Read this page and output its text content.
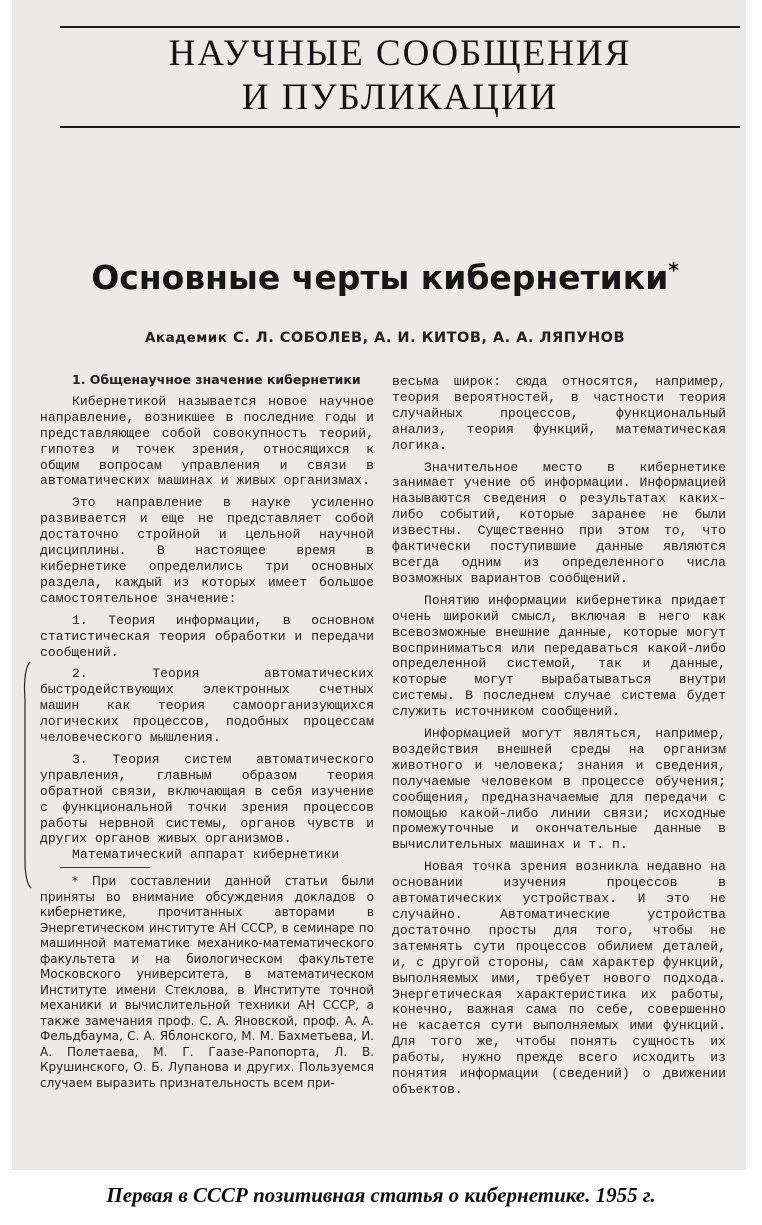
НАУЧНЫЕ СООБЩЕНИЯ
И ПУБЛИКАЦИИ
Основные черты кибернетики*
Академик С. Л. СОБОЛЕВ, А. И. КИТОВ, А. А. ЛЯПУНОВ

1. Общенаучное значение кибернетики

Кибернетикой называется новое научное направление, возникшее в последние годы и представляющее собой совокупность теорий, гипотез и точек зрения, относящихся к общим вопросам управления и связи в автоматических машинах и живых организмах.

Это направление в науке усиленно развивается и еще не представляет собой достаточно стройной и цельной научной дисциплины. В настоящее время в кибернетике определились три основных раздела, каждый из которых имеет большое самостоятельное значение:

1. Теория информации, в основном статистическая теория обработки и передачи сообщений.

2. Теория автоматических быстродействующих электронных счетных машин как теория самоорганизующихся логических процессов, подобных процессам человеческого мышления.

3. Теория систем автоматического управления, главным образом теория обратной связи, включающая в себя изучение с функциональной точки зрения процессов работы нервной системы, органов чувств и других органов живых организмов.

Математический аппарат кибернетики

* При составлении данной статьи были приняты во внимание обсуждения докладов о кибернетике, прочитанных авторами в Энергетическом институте АН СССР, в семинаре по машинной математике механико-математического факультета и на биологическом факультете Московского университета, в математическом Институте имени Стеклова, в Институте точной механики и вычислительной техники АН СССР, а также замечания проф. С. А. Яновской, проф. А. А. Фельдбаума, С. А. Яблонского, М. М. Бахметьева, И. А. Полетаева, М. Г. Гаазе-Рапопорта, Л. В. Крушинского, О. Б. Лупанова и других. Пользуемся случаем выразить признательность всем при-

весьма широк: сюда относятся, например, теория вероятностей, в частности теория случайных процессов, функциональный анализ, теория функций, математическая логика.

Значительное место в кибернетике занимает учение об информации. Информацией называются сведения о результатах каких-либо событий, которые заранее не были известны. Существенно при этом то, что фактически поступившие данные являются всегда одним из определенного числа возможных вариантов сообщений.

Понятию информации кибернетика придает очень широкий смысл, включая в него как всевозможные внешние данные, которые могут восприниматься или передаваться какой-либо определенной системой, так и данные, которые могут вырабатываться внутри системы. В последнем случае система будет служить источником сообщений.

Информацией могут являться, например, воздействия внешней среды на организм животного и человека; знания и сведения, получаемые человеком в процессе обучения; сообщения, предназначаемые для передачи с помощью какой-либо линии связи; исходные промежуточные и окончательные данные в вычислительных машинах и т. п.

Новая точка зрения возникла недавно на основании изучения процессов в автоматических устройствах. И это не случайно. Автоматические устройства достаточно просты для того, чтобы не затемнять сути процессов обилием деталей, и, с другой стороны, сам характер функций, выполняемых ими, требует нового подхода. Энергетическая характеристика их работы, конечно, важная сама по себе, совершенно не касается сути выполняемых ими функций. Для того же, чтобы понять сущность их работы, нужно прежде всего исходить из понятия информации (сведений) о движении объектов.

Первая в СССР позитивная статья о кибернетике. 1955 г.
